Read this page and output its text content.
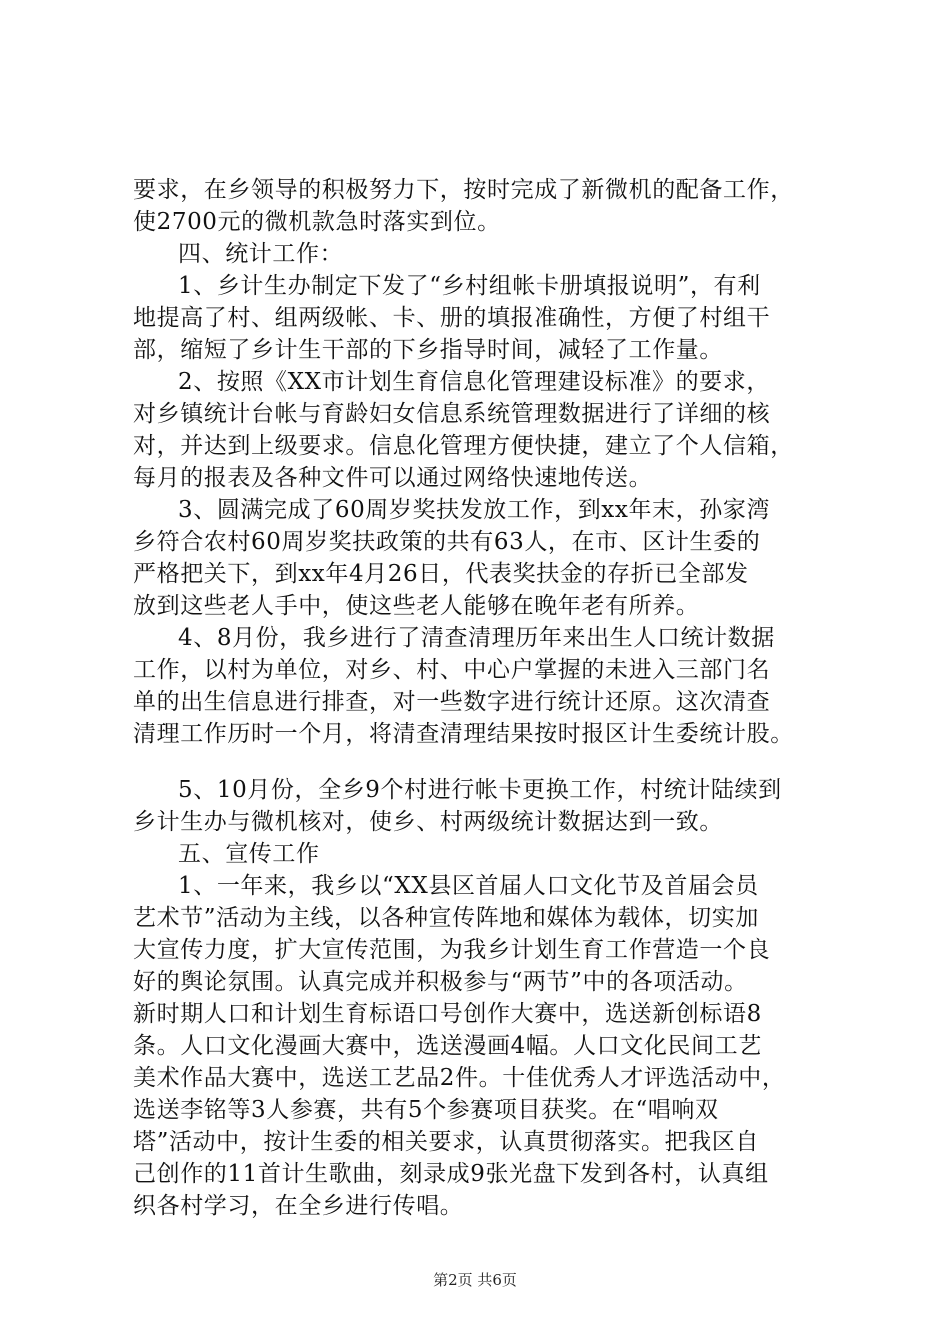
要求，在乡领导的积极努力下，按时完成了新微机的配备工作，
使2700元的微机款急时落实到位。
四、统计工作：
1、乡计生办制定下发了“乡村组帐卡册填报说明”，有利
地提高了村、组两级帐、卡、册的填报准确性，方便了村组干
部，缩短了乡计生干部的下乡指导时间，减轻了工作量。
2、按照《XX市计划生育信息化管理建设标准》的要求，
对乡镇统计台帐与育龄妇女信息系统管理数据进行了详细的核
对，并达到上级要求。信息化管理方便快捷，建立了个人信箱，
每月的报表及各种文件可以通过网络快速地传送。
3、圆满完成了60周岁奖扶发放工作，到xx年末，孙家湾
乡符合农村60周岁奖扶政策的共有63人，在市、区计生委的
严格把关下，到xx年4月26日，代表奖扶金的存折已全部发
放到这些老人手中，使这些老人能够在晚年老有所养。
4、8月份，我乡进行了清查清理历年来出生人口统计数据
工作，以村为单位，对乡、村、中心户掌握的未进入三部门名
单的出生信息进行排查，对一些数字进行统计还原。这次清查
清理工作历时一个月，将清查清理结果按时报区计生委统计股。
5、10月份，全乡9个村进行帐卡更换工作，村统计陆续到
乡计生办与微机核对，使乡、村两级统计数据达到一致。
五、宣传工作
1、一年来，我乡以“XX县区首届人口文化节及首届会员
艺术节”活动为主线，以各种宣传阵地和媒体为载体，切实加
大宣传力度，扩大宣传范围，为我乡计划生育工作营造一个良
好的舆论氛围。认真完成并积极参与“两节”中的各项活动。
新时期人口和计划生育标语口号创作大赛中，选送新创标语8
条。人口文化漫画大赛中，选送漫画4幅。人口文化民间工艺
美术作品大赛中，选送工艺品2件。十佳优秀人才评选活动中，
选送李铭等3人参赛，共有5个参赛项目获奖。在“唱响双
塔”活动中，按计生委的相关要求，认真贯彻落实。把我区自
己创作的11首计生歌曲，刻录成9张光盘下发到各村，认真组
织各村学习，在全乡进行传唱。
第2页 共6页
